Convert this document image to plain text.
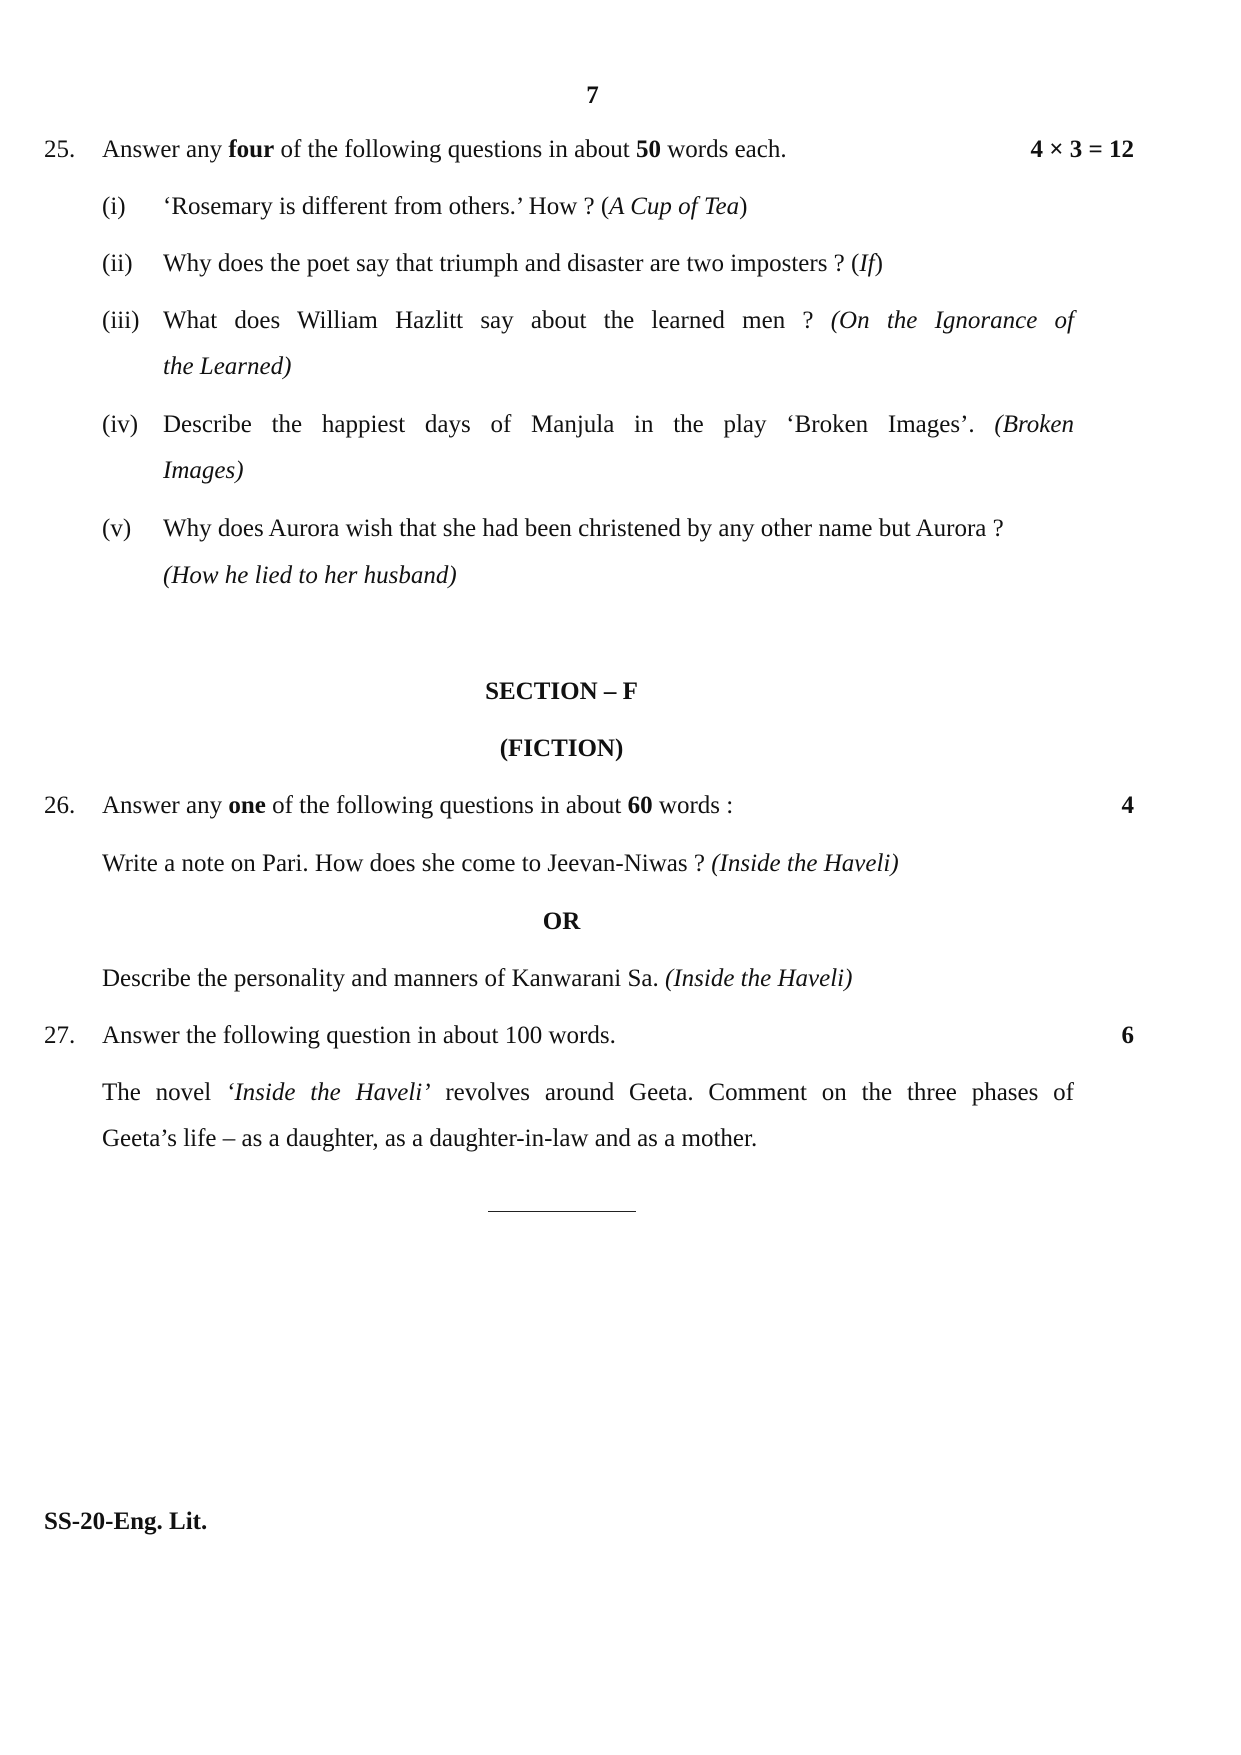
7
25. Answer any four of the following questions in about 50 words each.	4 × 3 = 12
(i) ‘Rosemary is different from others.’ How ? (A Cup of Tea)
(ii) Why does the poet say that triumph and disaster are two imposters ? (If)
(iii) What does William Hazlitt say about the learned men ? (On the Ignorance of
the Learned)
(iv) Describe the happiest days of Manjula in the play ‘Broken Images’. (Broken
Images)
(v) Why does Aurora wish that she had been christened by any other name but Aurora ?
(How he lied to her husband)
SECTION – F
(FICTION)
26. Answer any one of the following questions in about 60 words :	4
Write a note on Pari. How does she come to Jeevan-Niwas ? (Inside the Haveli)
OR
Describe the personality and manners of Kanwarani Sa. (Inside the Haveli)
27. Answer the following question in about 100 words.	6
The novel ‘Inside the Haveli’ revolves around Geeta. Comment on the three phases of
Geeta’s life – as a daughter, as a daughter-in-law and as a mother.
SS-20-Eng. Lit.
